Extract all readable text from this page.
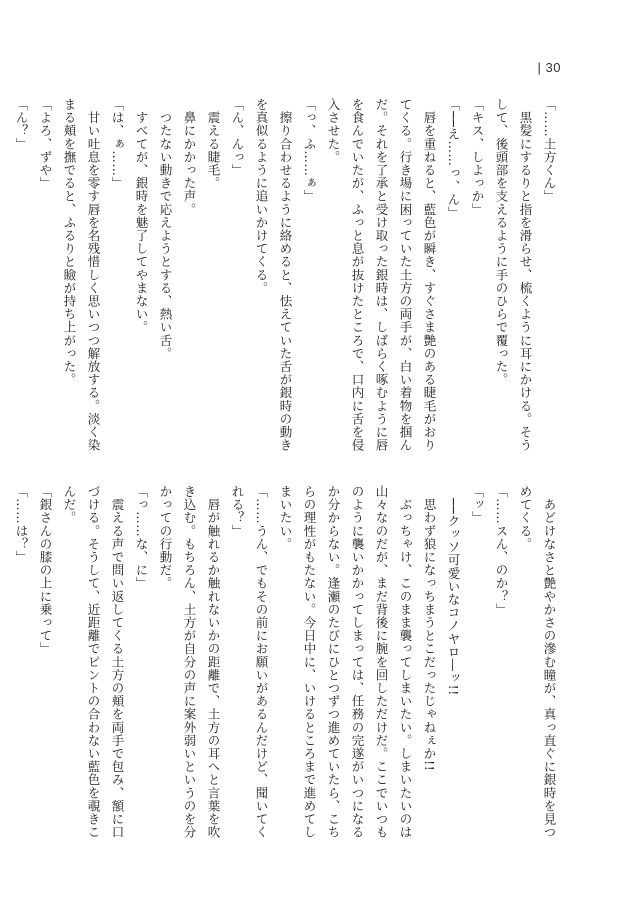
| 30
「……土方くん」
　黒髪にするりと指を滑らせ、梳くように耳にかける。そう
して、後頭部を支えるように手のひらで覆った。
「キス、しよっか」
「──え……っ、ん」
　唇を重ねると、藍色が瞬き、すぐさま艶のある睫毛がおり
てくる。行き場に困っていた土方の両手が、白い着物を掴ん
だ。それを了承と受け取った銀時は、しばらく啄むように唇
を食んでいたが、ふっと息が抜けたところで、口内に舌を侵
入させた。
「っ、ふ……ぁ」
　擦り合わせるように絡めると、怯えていた舌が銀時の動き
を真似るように追いかけてくる。
「ん、んっ」
　震える睫毛。
　鼻にかかった声。
　つたない動きで応えようとする、熱い舌。
　すべてが、銀時を魅了してやまない。
「は、ぁ……」
　甘い吐息を零す唇を名残惜しく思いつつ解放する。淡く染
まる頬を撫でると、ふるりと瞼が持ち上がった。
「よろ、ずや」
「ん？」
　あどけなさと艶やかさの滲む瞳が、真っ直ぐに銀時を見つ
めてくる。
「……スん、のか？」
「ッ」
　──クッソ可愛いなコノヤロ―ッ!!
　思わず狼になっちまうとこだったじゃねぇか!!
　ぶっちゃけ、このまま襲ってしまいたい。しまいたいのは
山々なのだが、まだ背後に腕を回しただけだ。ここでいつも
のように襲いかかってしまっては、任務の完遂がいつになる
か分からない。逢瀬のたびにひとつずつ進めていたら、こち
らの理性がもたない。今日中に、いけるところまで進めてし
まいたい。
「……うん、でもその前にお願いがあるんだけど、聞いてく
れる？」
　唇が触れるか触れないかの距離で、土方の耳へと言葉を吹
き込む。もちろん、土方が自分の声に案外弱いというのを分
かっての行動だ。
「っ……な、に」
　震える声で問い返してくる土方の頬を両手で包み、額に口
づける。そうして、近距離でピントの合わない藍色を覗きこ
んだ。
「銀さんの膝の上に乗って」
「……は？」
